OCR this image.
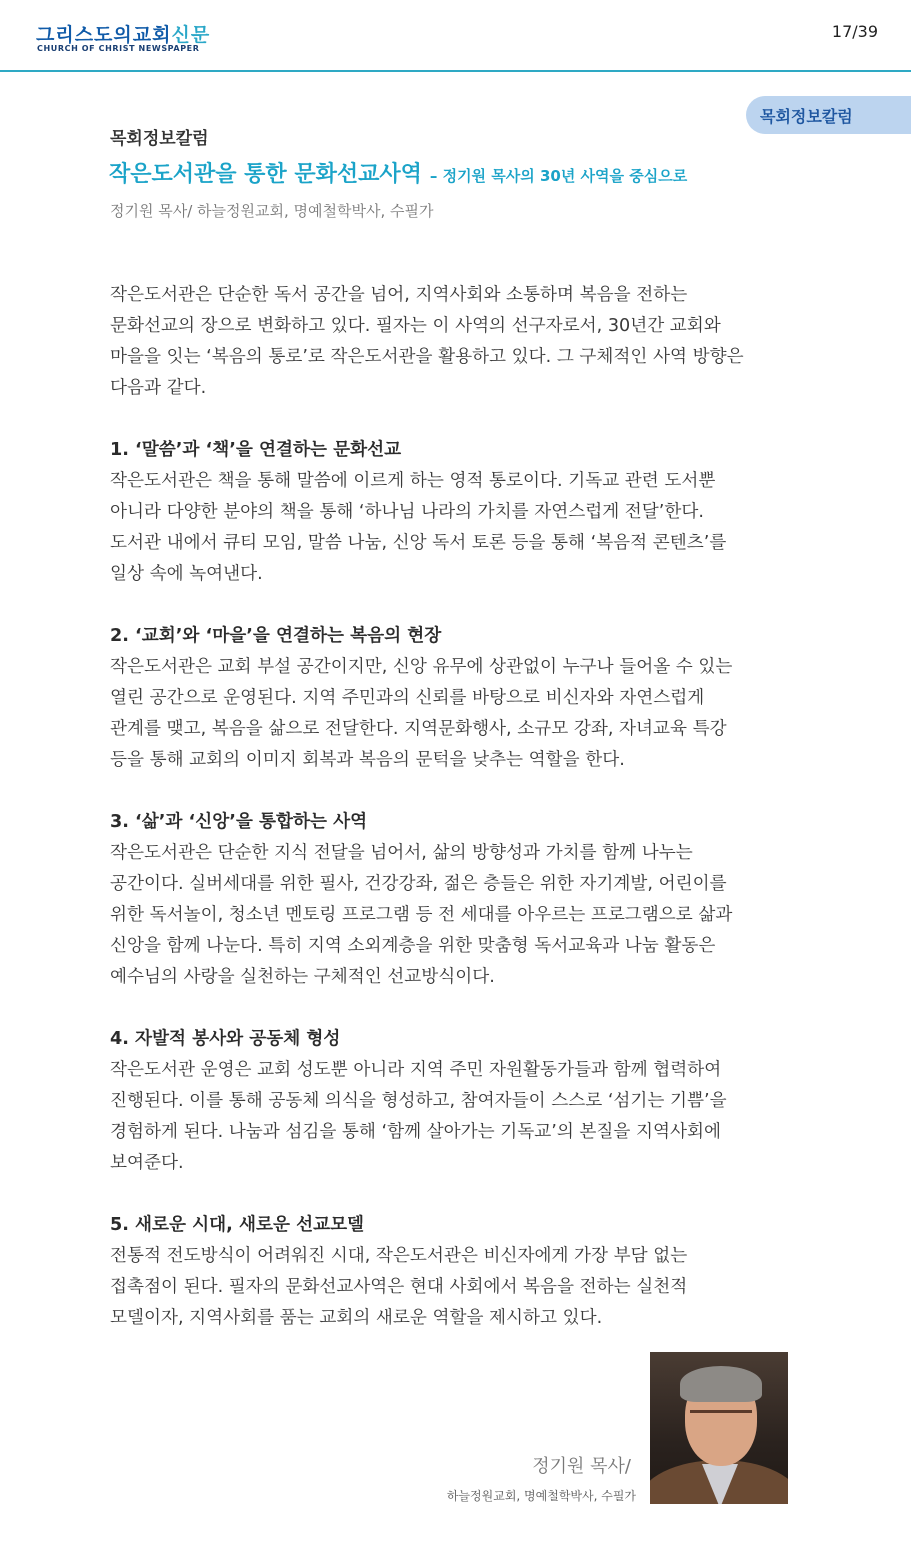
그리스도의교회신문
CHURCH OF CHRIST NEWSPAPER
17/39
목회정보칼럼
목회정보칼럼
작은도서관을 통한 문화선교사역 – 정기원 목사의 30년 사역을 중심으로
정기원 목사/ 하늘정원교회, 명예철학박사, 수필가
작은도서관은 단순한 독서 공간을 넘어, 지역사회와 소통하며 복음을 전하는
문화선교의 장으로 변화하고 있다. 필자는 이 사역의 선구자로서, 30년간 교회와
마을을 잇는 ‘복음의 통로’로 작은도서관을 활용하고 있다. 그 구체적인 사역 방향은
다음과 같다.
1. ‘말씀’과 ‘책’을 연결하는 문화선교
작은도서관은 책을 통해 말씀에 이르게 하는 영적 통로이다. 기독교 관련 도서뿐
아니라 다양한 분야의 책을 통해 ‘하나님 나라의 가치를 자연스럽게 전달’한다.
도서관 내에서 큐티 모임, 말씀 나눔, 신앙 독서 토론 등을 통해 ‘복음적 콘텐츠’를
일상 속에 녹여낸다.
2. ‘교회’와 ‘마을’을 연결하는 복음의 현장
작은도서관은 교회 부설 공간이지만, 신앙 유무에 상관없이 누구나 들어올 수 있는
열린 공간으로 운영된다. 지역 주민과의 신뢰를 바탕으로 비신자와 자연스럽게
관계를 맺고, 복음을 삶으로 전달한다. 지역문화행사, 소규모 강좌, 자녀교육 특강
등을 통해 교회의 이미지 회복과 복음의 문턱을 낮추는 역할을 한다.
3. ‘삶’과 ‘신앙’을 통합하는 사역
작은도서관은 단순한 지식 전달을 넘어서, 삶의 방향성과 가치를 함께 나누는
공간이다. 실버세대를 위한 필사, 건강강좌, 젊은 층들은 위한 자기계발, 어린이를
위한 독서놀이, 청소년 멘토링 프로그램 등 전 세대를 아우르는 프로그램으로 삶과
신앙을 함께 나눈다. 특히 지역 소외계층을 위한 맞춤형 독서교육과 나눔 활동은
예수님의 사랑을 실천하는 구체적인 선교방식이다.
4. 자발적 봉사와 공동체 형성
작은도서관 운영은 교회 성도뿐 아니라 지역 주민 자원활동가들과 함께 협력하여
진행된다. 이를 통해 공동체 의식을 형성하고, 참여자들이 스스로 ‘섬기는 기쁨’을
경험하게 된다. 나눔과 섬김을 통해 ‘함께 살아가는 기독교’의 본질을 지역사회에
보여준다.
5. 새로운 시대, 새로운 선교모델
전통적 전도방식이 어려워진 시대, 작은도서관은 비신자에게 가장 부담 없는
접촉점이 된다. 필자의 문화선교사역은 현대 사회에서 복음을 전하는 실천적
모델이자, 지역사회를 품는 교회의 새로운 역할을 제시하고 있다.
정기원 목사/
하늘정원교회, 명예철학박사, 수필가
